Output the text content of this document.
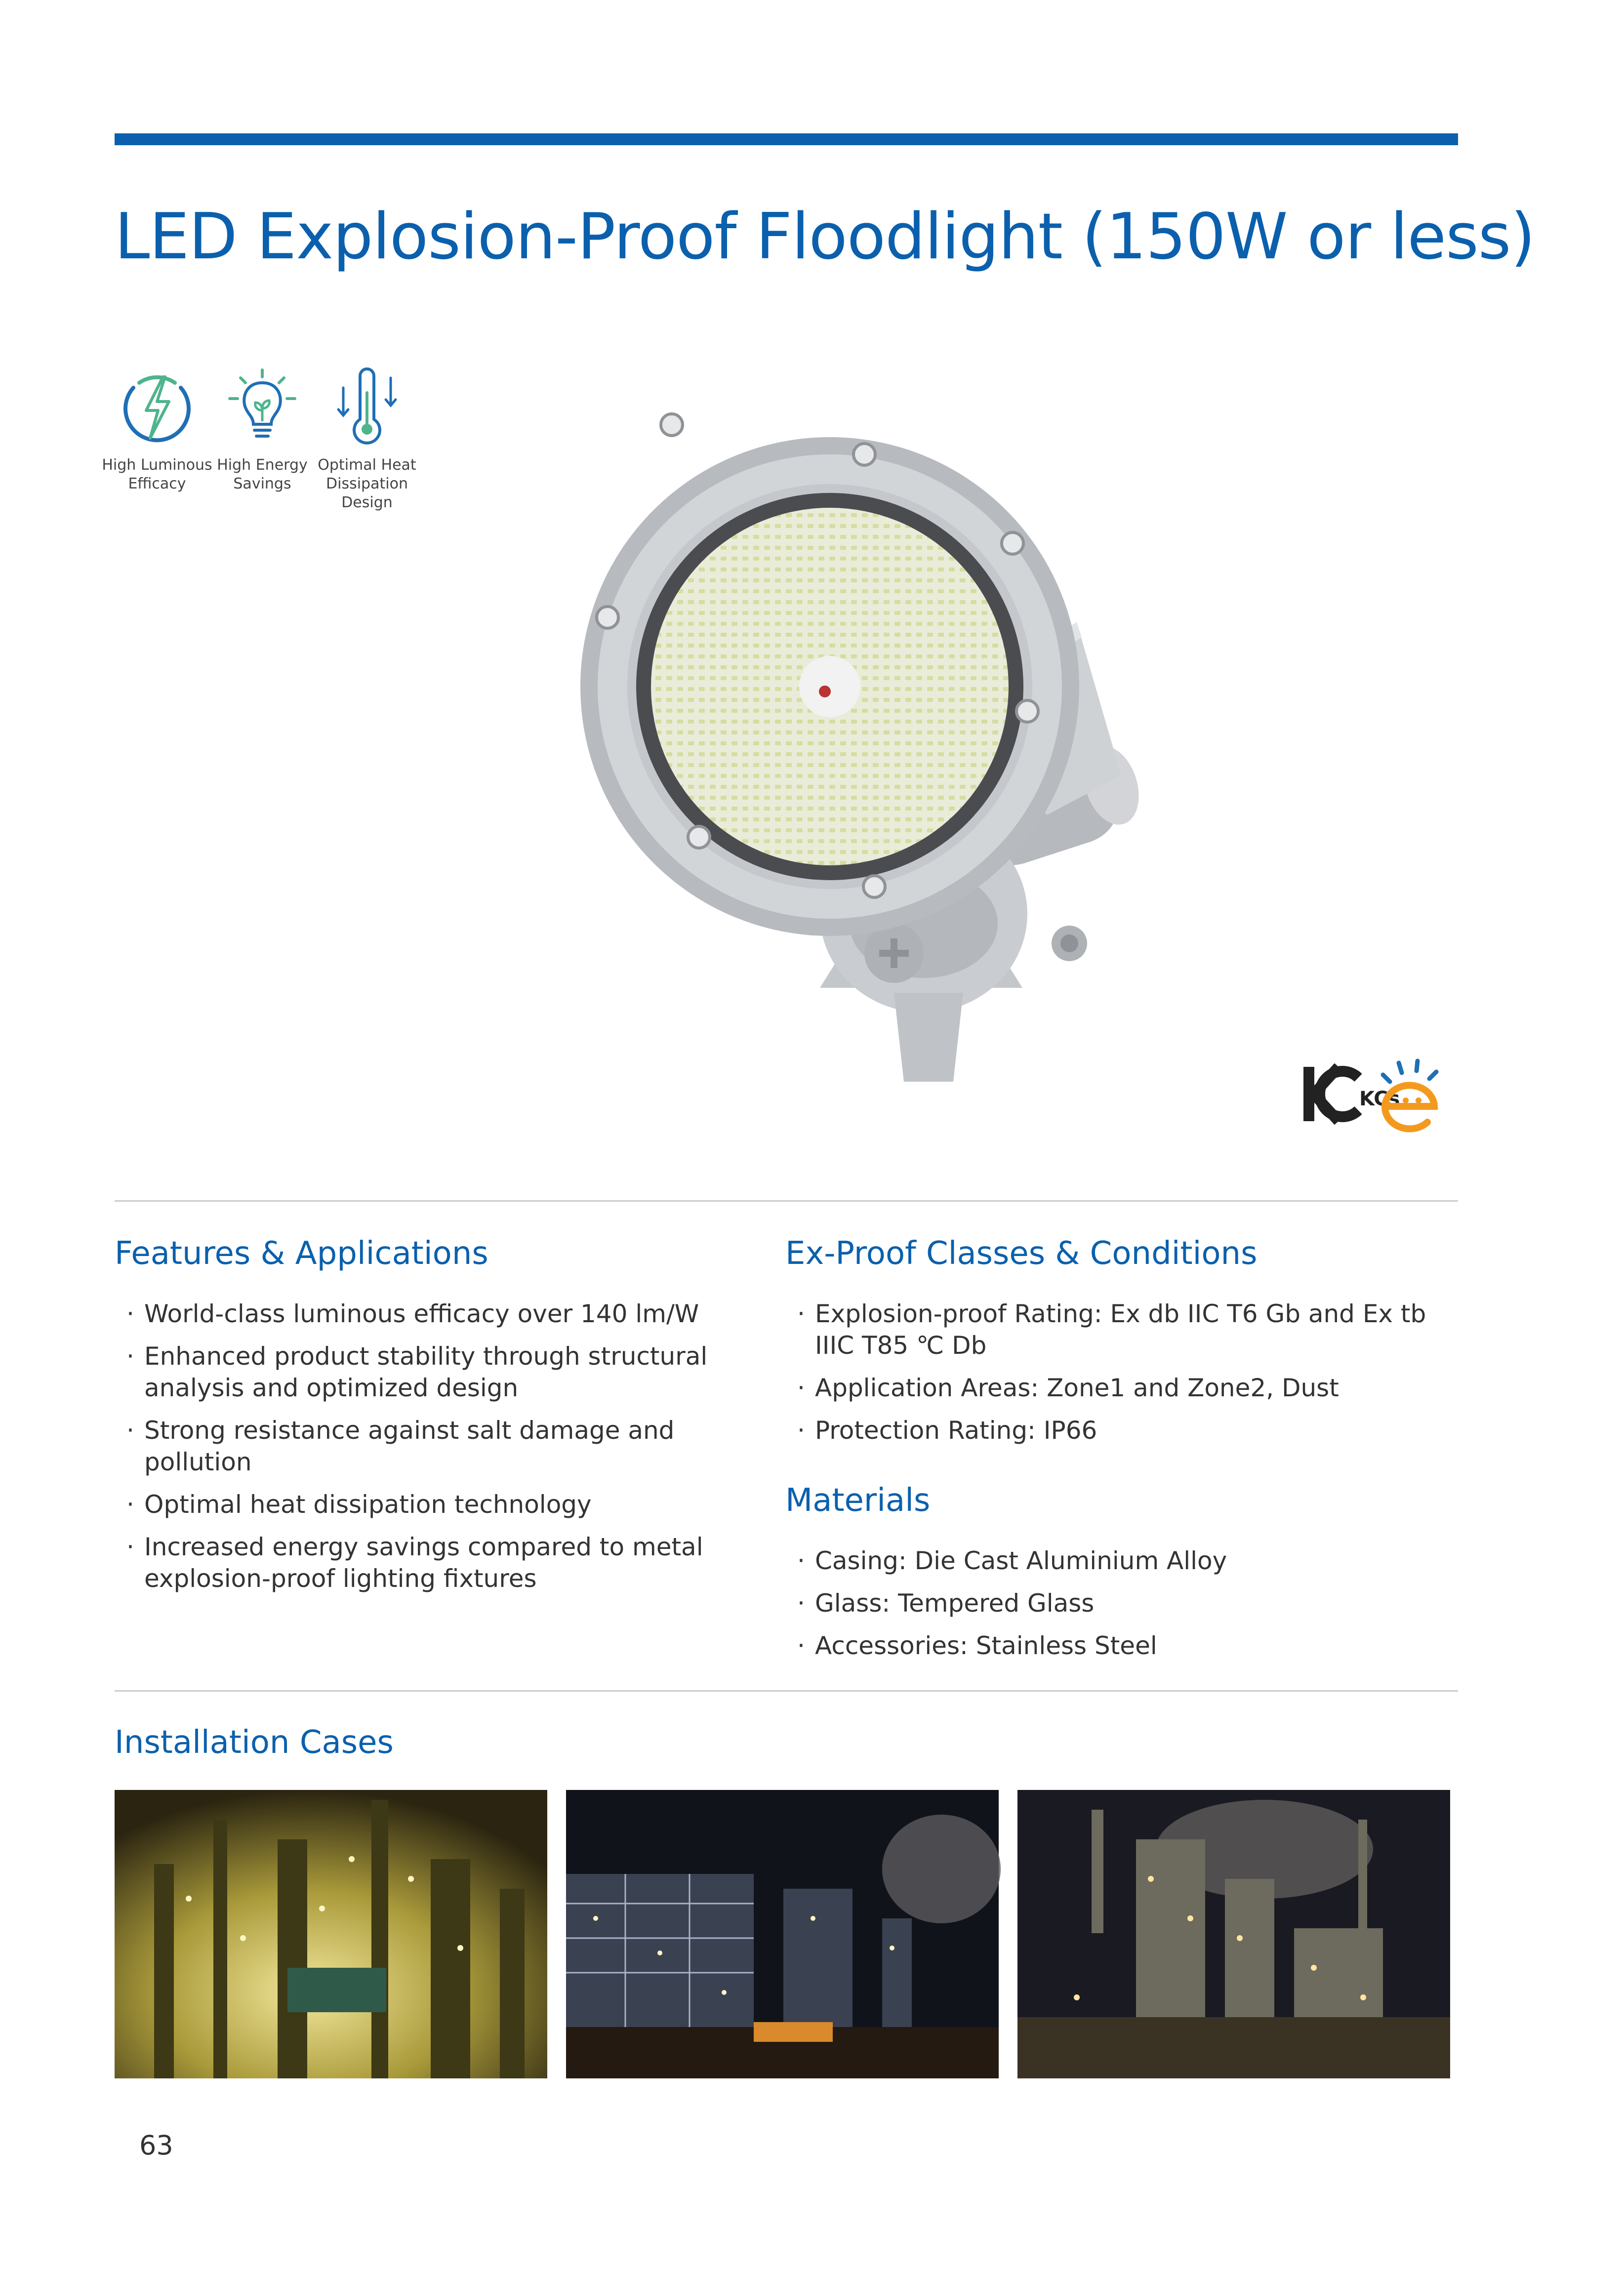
LED Explosion-Proof Floodlight (150W or less)
High Luminous Efficacy
High Energy Savings
Optimal Heat Dissipation Design
KCs
Features & Applications
· World-class luminous efficacy over 140 lm/W
· Enhanced product stability through structural analysis and optimized design
· Strong resistance against salt damage and pollution
· Optimal heat dissipation technology
· Increased energy savings compared to metal explosion-proof lighting fixtures
Ex-Proof Classes & Conditions
· Explosion-proof Rating: Ex db IIC T6 Gb and Ex tb IIIC T85 ℃ Db
· Application Areas: Zone1 and Zone2, Dust
· Protection Rating: IP66
Materials
· Casing: Die Cast Aluminium Alloy
· Glass: Tempered Glass
· Accessories: Stainless Steel
Installation Cases
63
